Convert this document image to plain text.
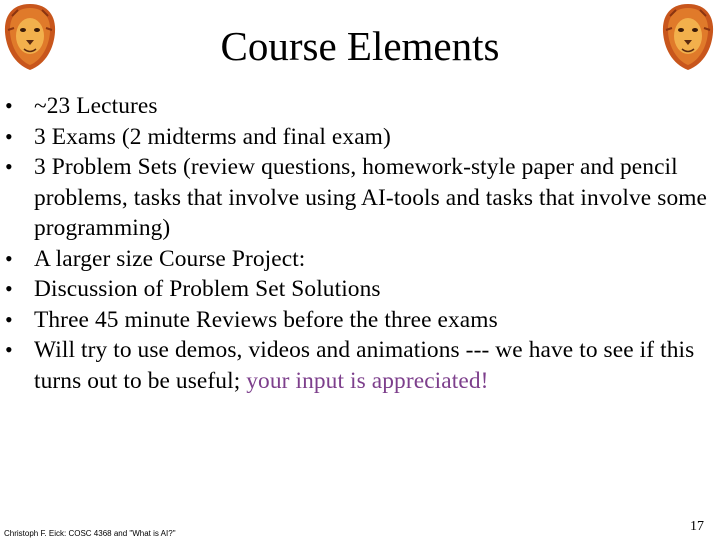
Course Elements
• ~23 Lectures
• 3 Exams (2 midterms and final exam)
• 3 Problem Sets (review questions, homework-style paper and pencil problems, tasks that involve using AI-tools and tasks that involve some programming)
• A larger size Course Project:
• Discussion of Problem Set Solutions
• Three 45 minute Reviews before the three exams
• Will try to use demos, videos and animations --- we have to see if this turns out to be useful; your input is appreciated!
Christoph F. Eick: COSC 4368 and "What is AI?"	17
